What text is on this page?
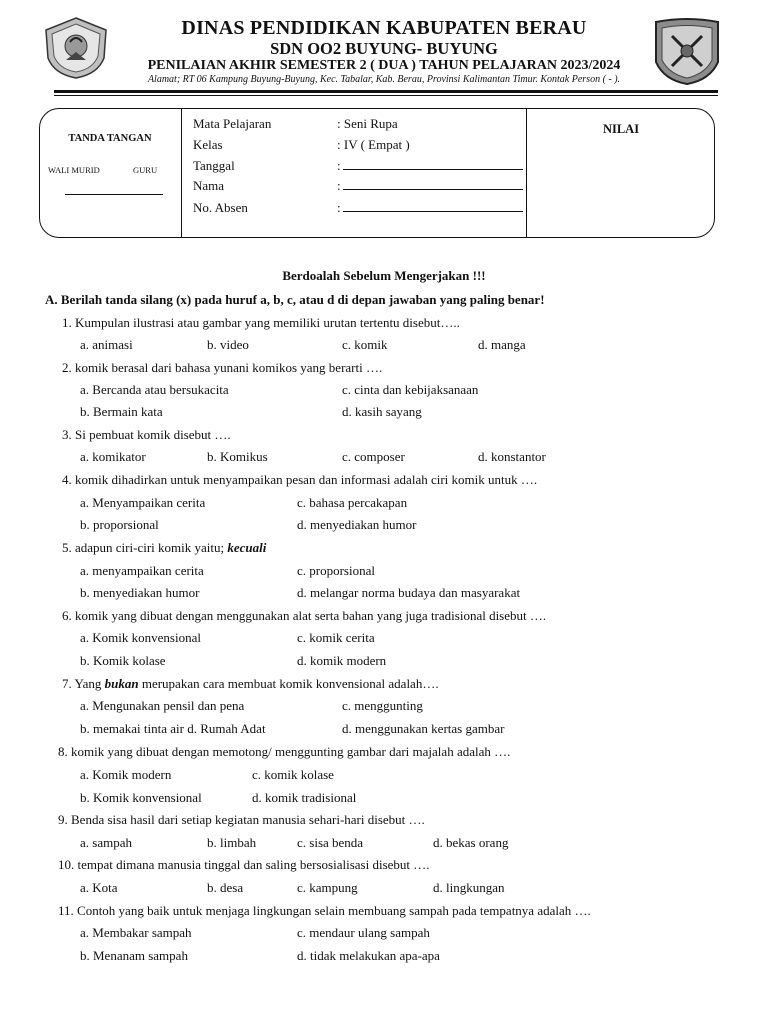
DINAS PENDIDIKAN KABUPATEN BERAU
SDN OO2 BUYUNG- BUYUNG
PENILAIAN AKHIR SEMESTER 2 ( DUA ) TAHUN PELAJARAN 2023/2024
Alamat; RT 06 Kampung Buyung-Buyung, Kec. Tabalar, Kab. Berau, Provinsi Kalimantan Timur. Kontak Person ( - ).
TANDA TANGAN
WALI MURID	GURU
NILAI
Mata Pelajaran	: Seni Rupa
Kelas	: IV ( Empat )
Tanggal	:
Nama	:
No. Absen	:
Berdoalah Sebelum Mengerjakan !!!
A. Berilah tanda silang (x) pada huruf a, b, c, atau d di depan jawaban yang paling benar!
1. Kumpulan ilustrasi atau gambar yang memiliki urutan tertentu disebut…..
a. animasi	b. video	c. komik	d. manga
2. komik berasal dari bahasa yunani komikos yang berarti ….
a. Bercanda atau bersukacita	c. cinta dan kebijaksanaan
b. Bermain kata	d. kasih sayang
3. Si pembuat komik disebut ….
a. komikator	b. Komikus	c. composer	d. konstantor
4. komik dihadirkan untuk menyampaikan pesan dan informasi adalah ciri komik untuk ….
a. Menyampaikan cerita	c. bahasa percakapan
b. proporsional	d. menyediakan humor
5. adapun ciri-ciri komik yaitu; kecuali
a. menyampaikan cerita	c. proporsional
b. menyediakan humor	d. melangar norma budaya dan masyarakat
6. komik yang dibuat dengan menggunakan alat serta bahan yang juga tradisional disebut ….
a. Komik konvensional	c. komik cerita
b. Komik kolase	d. komik modern
7. Yang bukan merupakan cara membuat komik konvensional adalah….
a. Mengunakan pensil dan pena	c. menggunting
b. memakai tinta air d. Rumah Adat	d. menggunakan kertas gambar
8. komik yang dibuat dengan memotong/ menggunting gambar dari majalah adalah ….
a. Komik modern	c. komik kolase
b. Komik konvensional	d. komik tradisional
9. Benda sisa hasil dari setiap kegiatan manusia sehari-hari disebut ….
a. sampah	b. limbah	c. sisa benda	d. bekas orang
10. tempat dimana manusia tinggal dan saling bersosialisasi disebut ….
a. Kota	b. desa	c. kampung	d. lingkungan
11. Contoh yang baik untuk menjaga lingkungan selain membuang sampah pada tempatnya adalah ….
a. Membakar sampah	c. mendaur ulang sampah
b. Menanam sampah	d. tidak melakukan apa-apa
